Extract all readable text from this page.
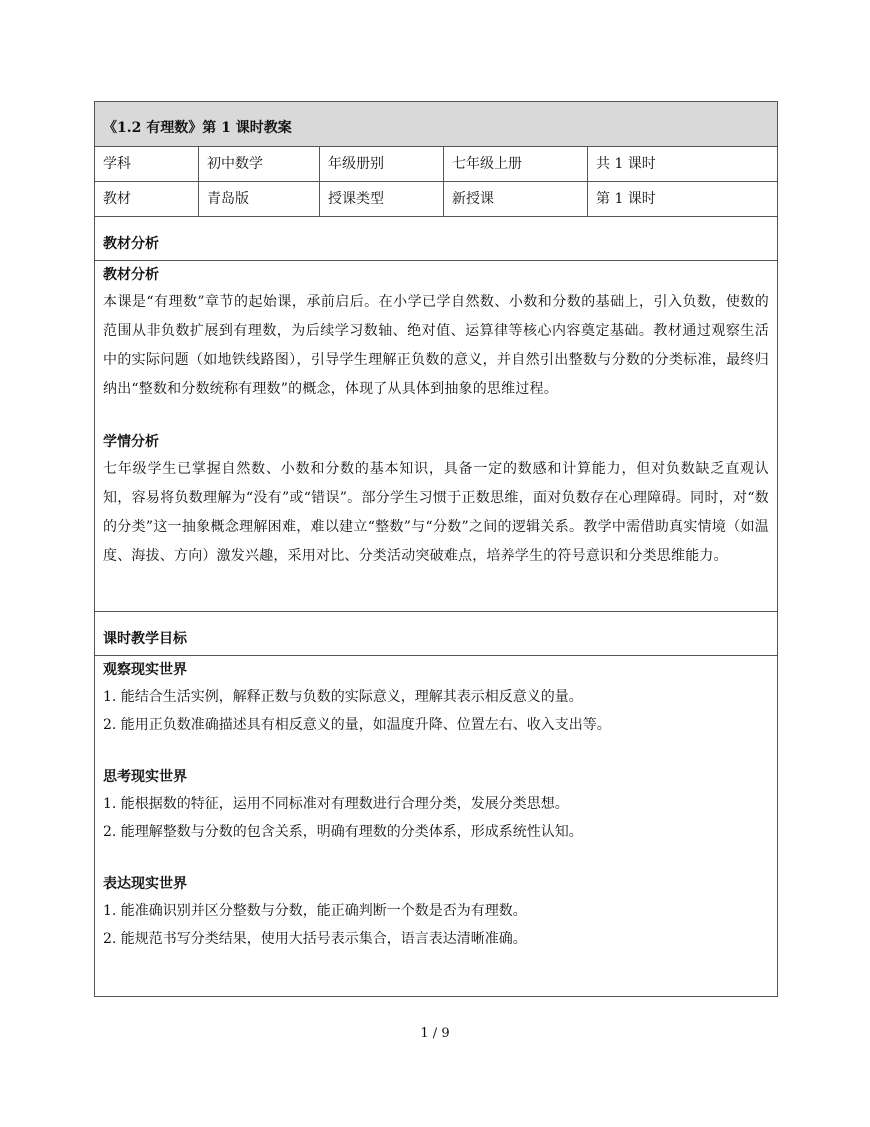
《1.2 有理数》第 1 课时教案
学科	初中数学	年级册别	七年级上册	共 1 课时
教材	青岛版	授课类型	新授课	第 1 课时
教材分析
教材分析

本课是“有理数”章节的起始课，承前启后。在小学已学自然数、小数和分数的基础上，引入负数，使数的范围从非负数扩展到有理数，为后续学习数轴、绝对值、运算律等核心内容奠定基础。教材通过观察生活中的实际问题（如地铁线路图），引导学生理解正负数的意义，并自然引出整数与分数的分类标准，最终归纳出“整数和分数统称有理数”的概念，体现了从具体到抽象的思维过程。

学情分析

七年级学生已掌握自然数、小数和分数的基本知识，具备一定的数感和计算能力，但对负数缺乏直观认知，容易将负数理解为“没有”或“错误”。部分学生习惯于正数思维，面对负数存在心理障碍。同时，对“数的分类”这一抽象概念理解困难，难以建立“整数”与“分数”之间的逻辑关系。教学中需借助真实情境（如温度、海拔、方向）激发兴趣，采用对比、分类活动突破难点，培养学生的符号意识和分类思维能力。

课时教学目标
观察现实世界
1. 能结合生活实例，解释正数与负数的实际意义，理解其表示相反意义的量。
2. 能用正负数准确描述具有相反意义的量，如温度升降、位置左右、收入支出等。
思考现实世界
1. 能根据数的特征，运用不同标准对有理数进行合理分类，发展分类思想。
2. 能理解整数与分数的包含关系，明确有理数的分类体系，形成系统性认知。
表达现实世界
1. 能准确识别并区分整数与分数，能正确判断一个数是否为有理数。
2. 能规范书写分类结果，使用大括号表示集合，语言表达清晰准确。
1 / 9
